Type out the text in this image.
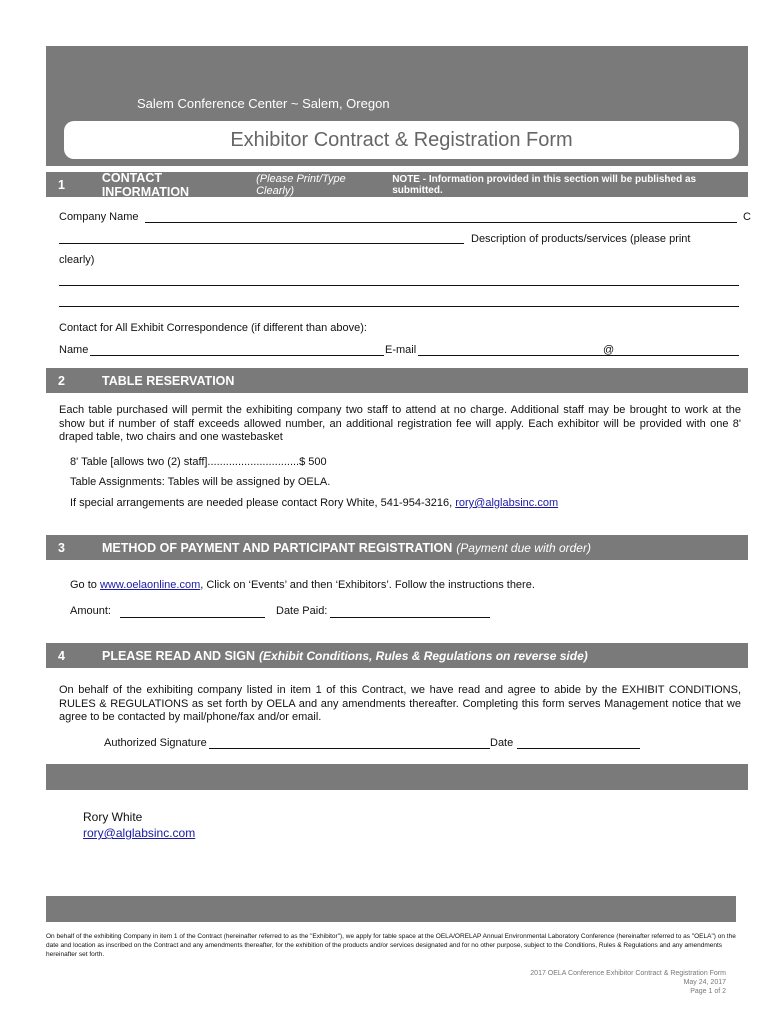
Salem Conference Center ~ Salem, Oregon
Exhibitor Contract & Registration Form
1	CONTACT INFORMATION
(Please Print/Type Clearly)
NOTE - Information provided in this section will be published as submitted.
Company Name	C
Description of products/services (please print
clearly)
Contact for All Exhibit Correspondence (if different than above):
Name	E-mail	@
2	TABLE RESERVATION

Each table purchased will permit the exhibiting company two staff to attend at no charge. Additional staff may be brought to work at the show but if number of staff exceeds allowed number, an additional registration fee will apply. Each exhibitor will be provided with one 8' draped table, two chairs and one wastebasket

8' Table [allows two (2) staff]..............................$ 500
Table Assignments: Tables will be assigned by OELA.
If special arrangements are needed please contact Rory White, 541-954-3216, rory@alglabsinc.com
3	METHOD OF PAYMENT AND PARTICIPANT REGISTRATION (Payment due with order)
Go to www.oelaonline.com, Click on ‘Events’ and then ‘Exhibitors’. Follow the instructions there.
Amount:	Date Paid:
4	PLEASE READ AND SIGN (Exhibit Conditions, Rules & Regulations on reverse side)

On behalf of the exhibiting company listed in item 1 of this Contract, we have read and agree to abide by the EXHIBIT CONDITIONS, RULES & REGULATIONS as set forth by OELA and any amendments thereafter. Completing this form serves Management notice that we agree to be contacted by mail/phone/fax and/or email.

Authorized Signature	Date
Rory White
rory@alglabsinc.com

On behalf of the exhibiting Company in item 1 of the Contract (hereinafter referred to as the "Exhibitor"), we apply for table space at the OELA/ORELAP Annual Environmental Laboratory Conference (hereinafter referred to as "OELA") on the date and location as inscribed on the Contract and any amendments thereafter, for the exhibition of the products and/or services designated and for no other purpose, subject to the Conditions, Rules & Regulations and any amendments hereinafter set forth.

2017 OELA Conference Exhibitor Contract & Registration Form
May 24, 2017
Page 1 of 2
